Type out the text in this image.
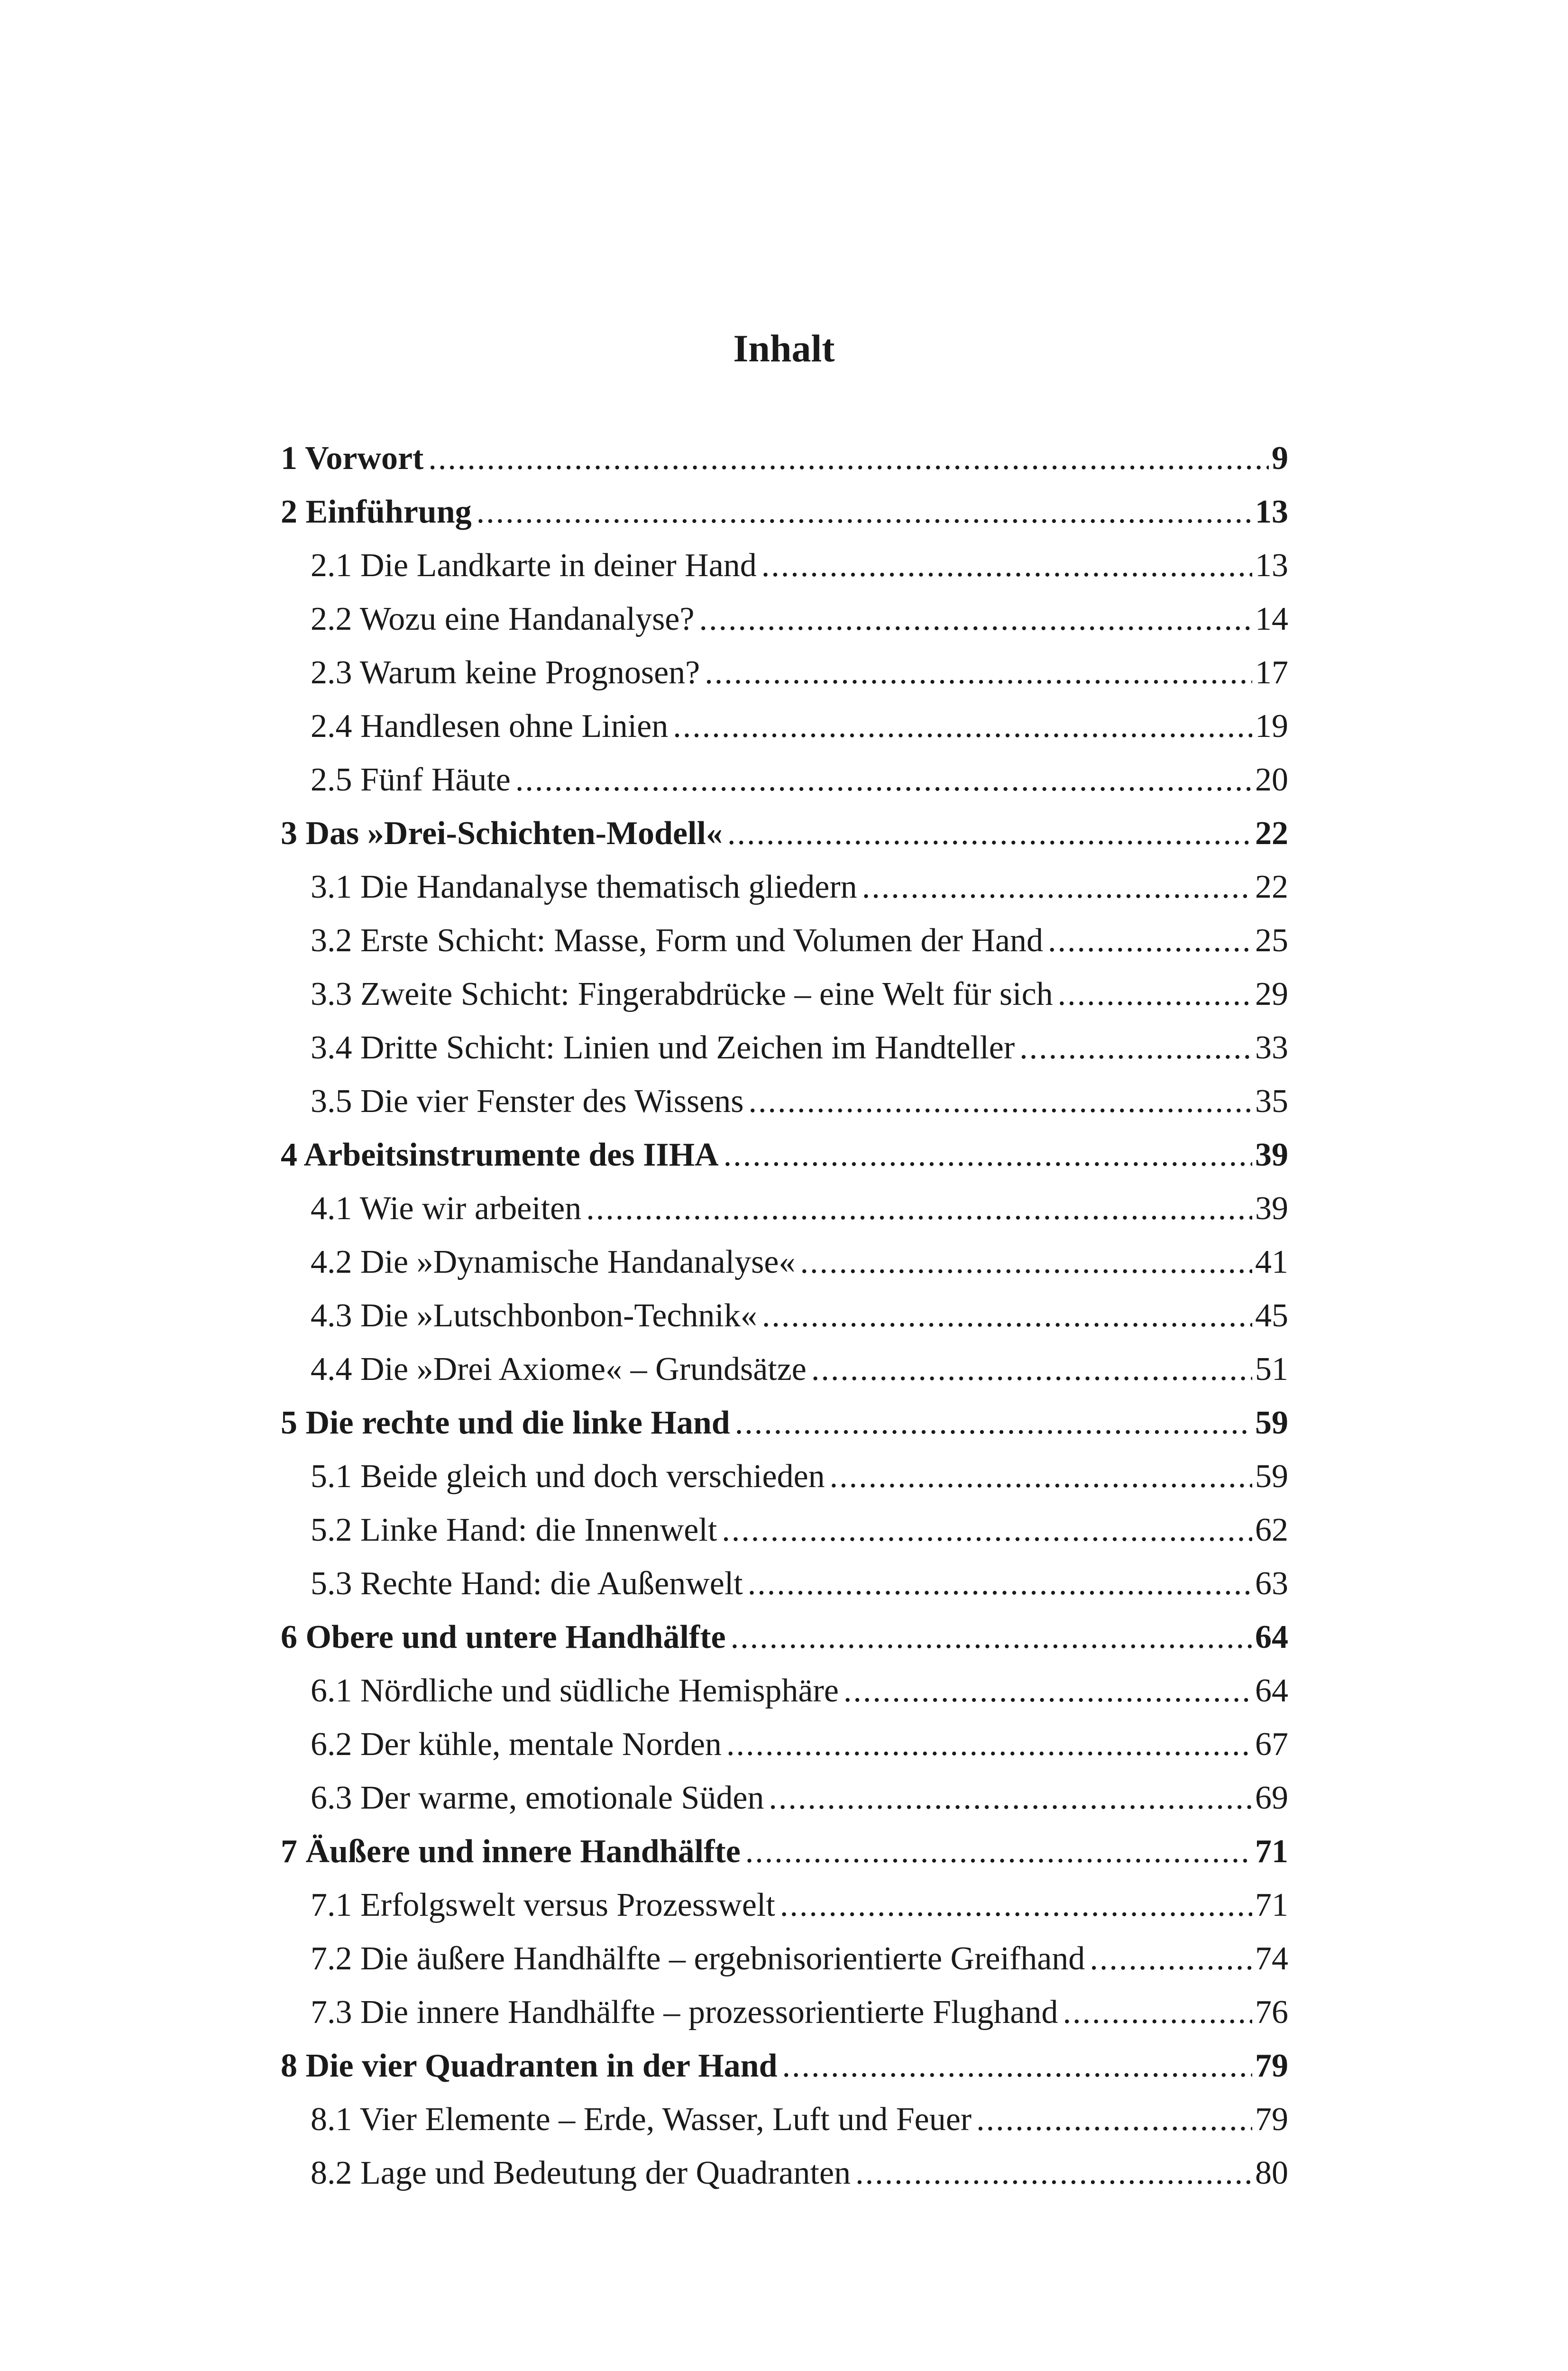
Inhalt
1 Vorwort .....	9
2 Einführung .....	13
2.1 Die Landkarte in deiner Hand .....	13
2.2 Wozu eine Handanalyse? .....	14
2.3 Warum keine Prognosen? .....	17
2.4 Handlesen ohne Linien .....	19
2.5 Fünf Häute .....	20
3 Das »Drei-Schichten-Modell« .....	22
3.1 Die Handanalyse thematisch gliedern .....	22
3.2 Erste Schicht: Masse, Form und Volumen der Hand .....	25
3.3 Zweite Schicht: Fingerabdrücke – eine Welt für sich .....	29
3.4 Dritte Schicht: Linien und Zeichen im Handteller .....	33
3.5 Die vier Fenster des Wissens .....	35
4 Arbeitsinstrumente des IIHA .....	39
4.1 Wie wir arbeiten .....	39
4.2 Die »Dynamische Handanalyse« .....	41
4.3 Die »Lutschbonbon-Technik« .....	45
4.4 Die »Drei Axiome« – Grundsätze .....	51
5 Die rechte und die linke Hand .....	59
5.1 Beide gleich und doch verschieden .....	59
5.2 Linke Hand: die Innenwelt .....	62
5.3 Rechte Hand: die Außenwelt .....	63
6 Obere und untere Handhälfte .....	64
6.1 Nördliche und südliche Hemisphäre .....	64
6.2 Der kühle, mentale Norden .....	67
6.3 Der warme, emotionale Süden .....	69
7 Äußere und innere Handhälfte .....	71
7.1 Erfolgswelt versus Prozesswelt .....	71
7.2 Die äußere Handhälfte – ergebnisorientierte Greifhand .....	74
7.3 Die innere Handhälfte – prozessorientierte Flughand .....	76
8 Die vier Quadranten in der Hand .....	79
8.1 Vier Elemente – Erde, Wasser, Luft und Feuer .....	79
8.2 Lage und Bedeutung der Quadranten .....	80
